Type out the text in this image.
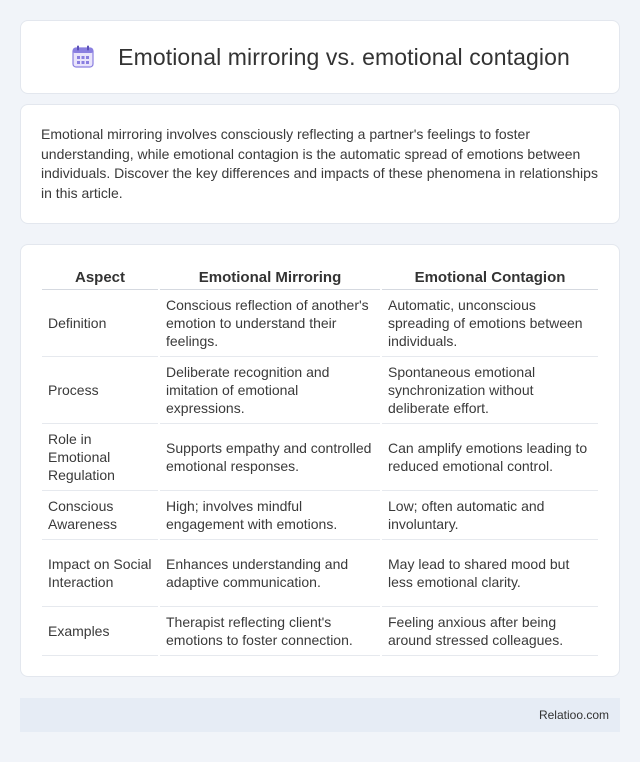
Emotional mirroring vs. emotional contagion

Emotional mirroring involves consciously reflecting a partner's feelings to foster understanding, while emotional contagion is the automatic spread of emotions between individuals. Discover the key differences and impacts of these phenomena in relationships in this article.

Aspect	Emotional Mirroring	Emotional Contagion
Definition	Conscious reflection of another's emotion to understand their feelings.	Automatic, unconscious spreading of emotions between individuals.
Process	Deliberate recognition and imitation of emotional expressions.	Spontaneous emotional synchronization without deliberate effort.
Role in Emotional Regulation	Supports empathy and controlled emotional responses.	Can amplify emotions leading to reduced emotional control.
Conscious Awareness	High; involves mindful engagement with emotions.	Low; often automatic and involuntary.
Impact on Social Interaction	Enhances understanding and adaptive communication.	May lead to shared mood but less emotional clarity.
Examples	Therapist reflecting client's emotions to foster connection.	Feeling anxious after being around stressed colleagues.
Relatioo.com
